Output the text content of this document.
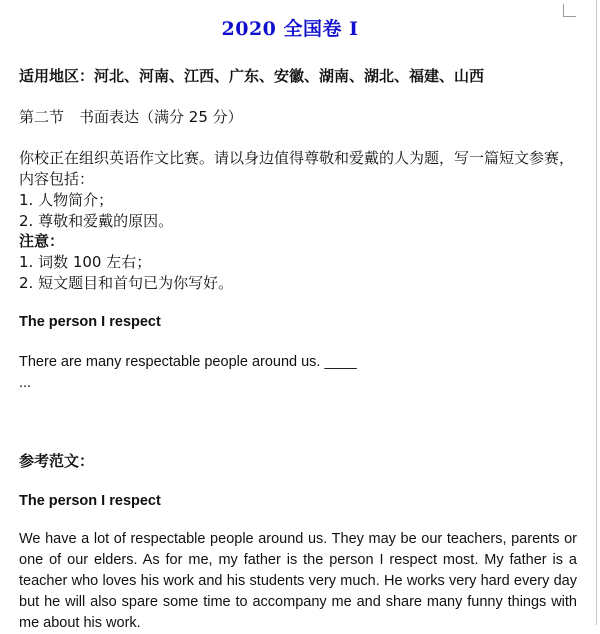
2020 全国卷 I
适用地区：河北、河南、江西、广东、安徽、湖南、湖北、福建、山西
第二节　书面表达（满分 25 分）
你校正在组织英语作文比赛。请以身边值得尊敬和爱戴的人为题，写一篇短文参赛，内容包括：
1. 人物简介；
2. 尊敬和爱戴的原因。
注意：
1. 词数 100 左右；
2. 短文题目和首句已为你写好。
The person I respect
There are many respectable people around us. ____
...
参考范文：
The person I respect
We have a lot of respectable people around us. They may be our teachers, parents or one of our elders. As for me, my father is the person I respect most. My father is a teacher who loves his work and his students very much. He works very hard every day but he will also spare some time to accompany me and share many funny things with me about his work.
